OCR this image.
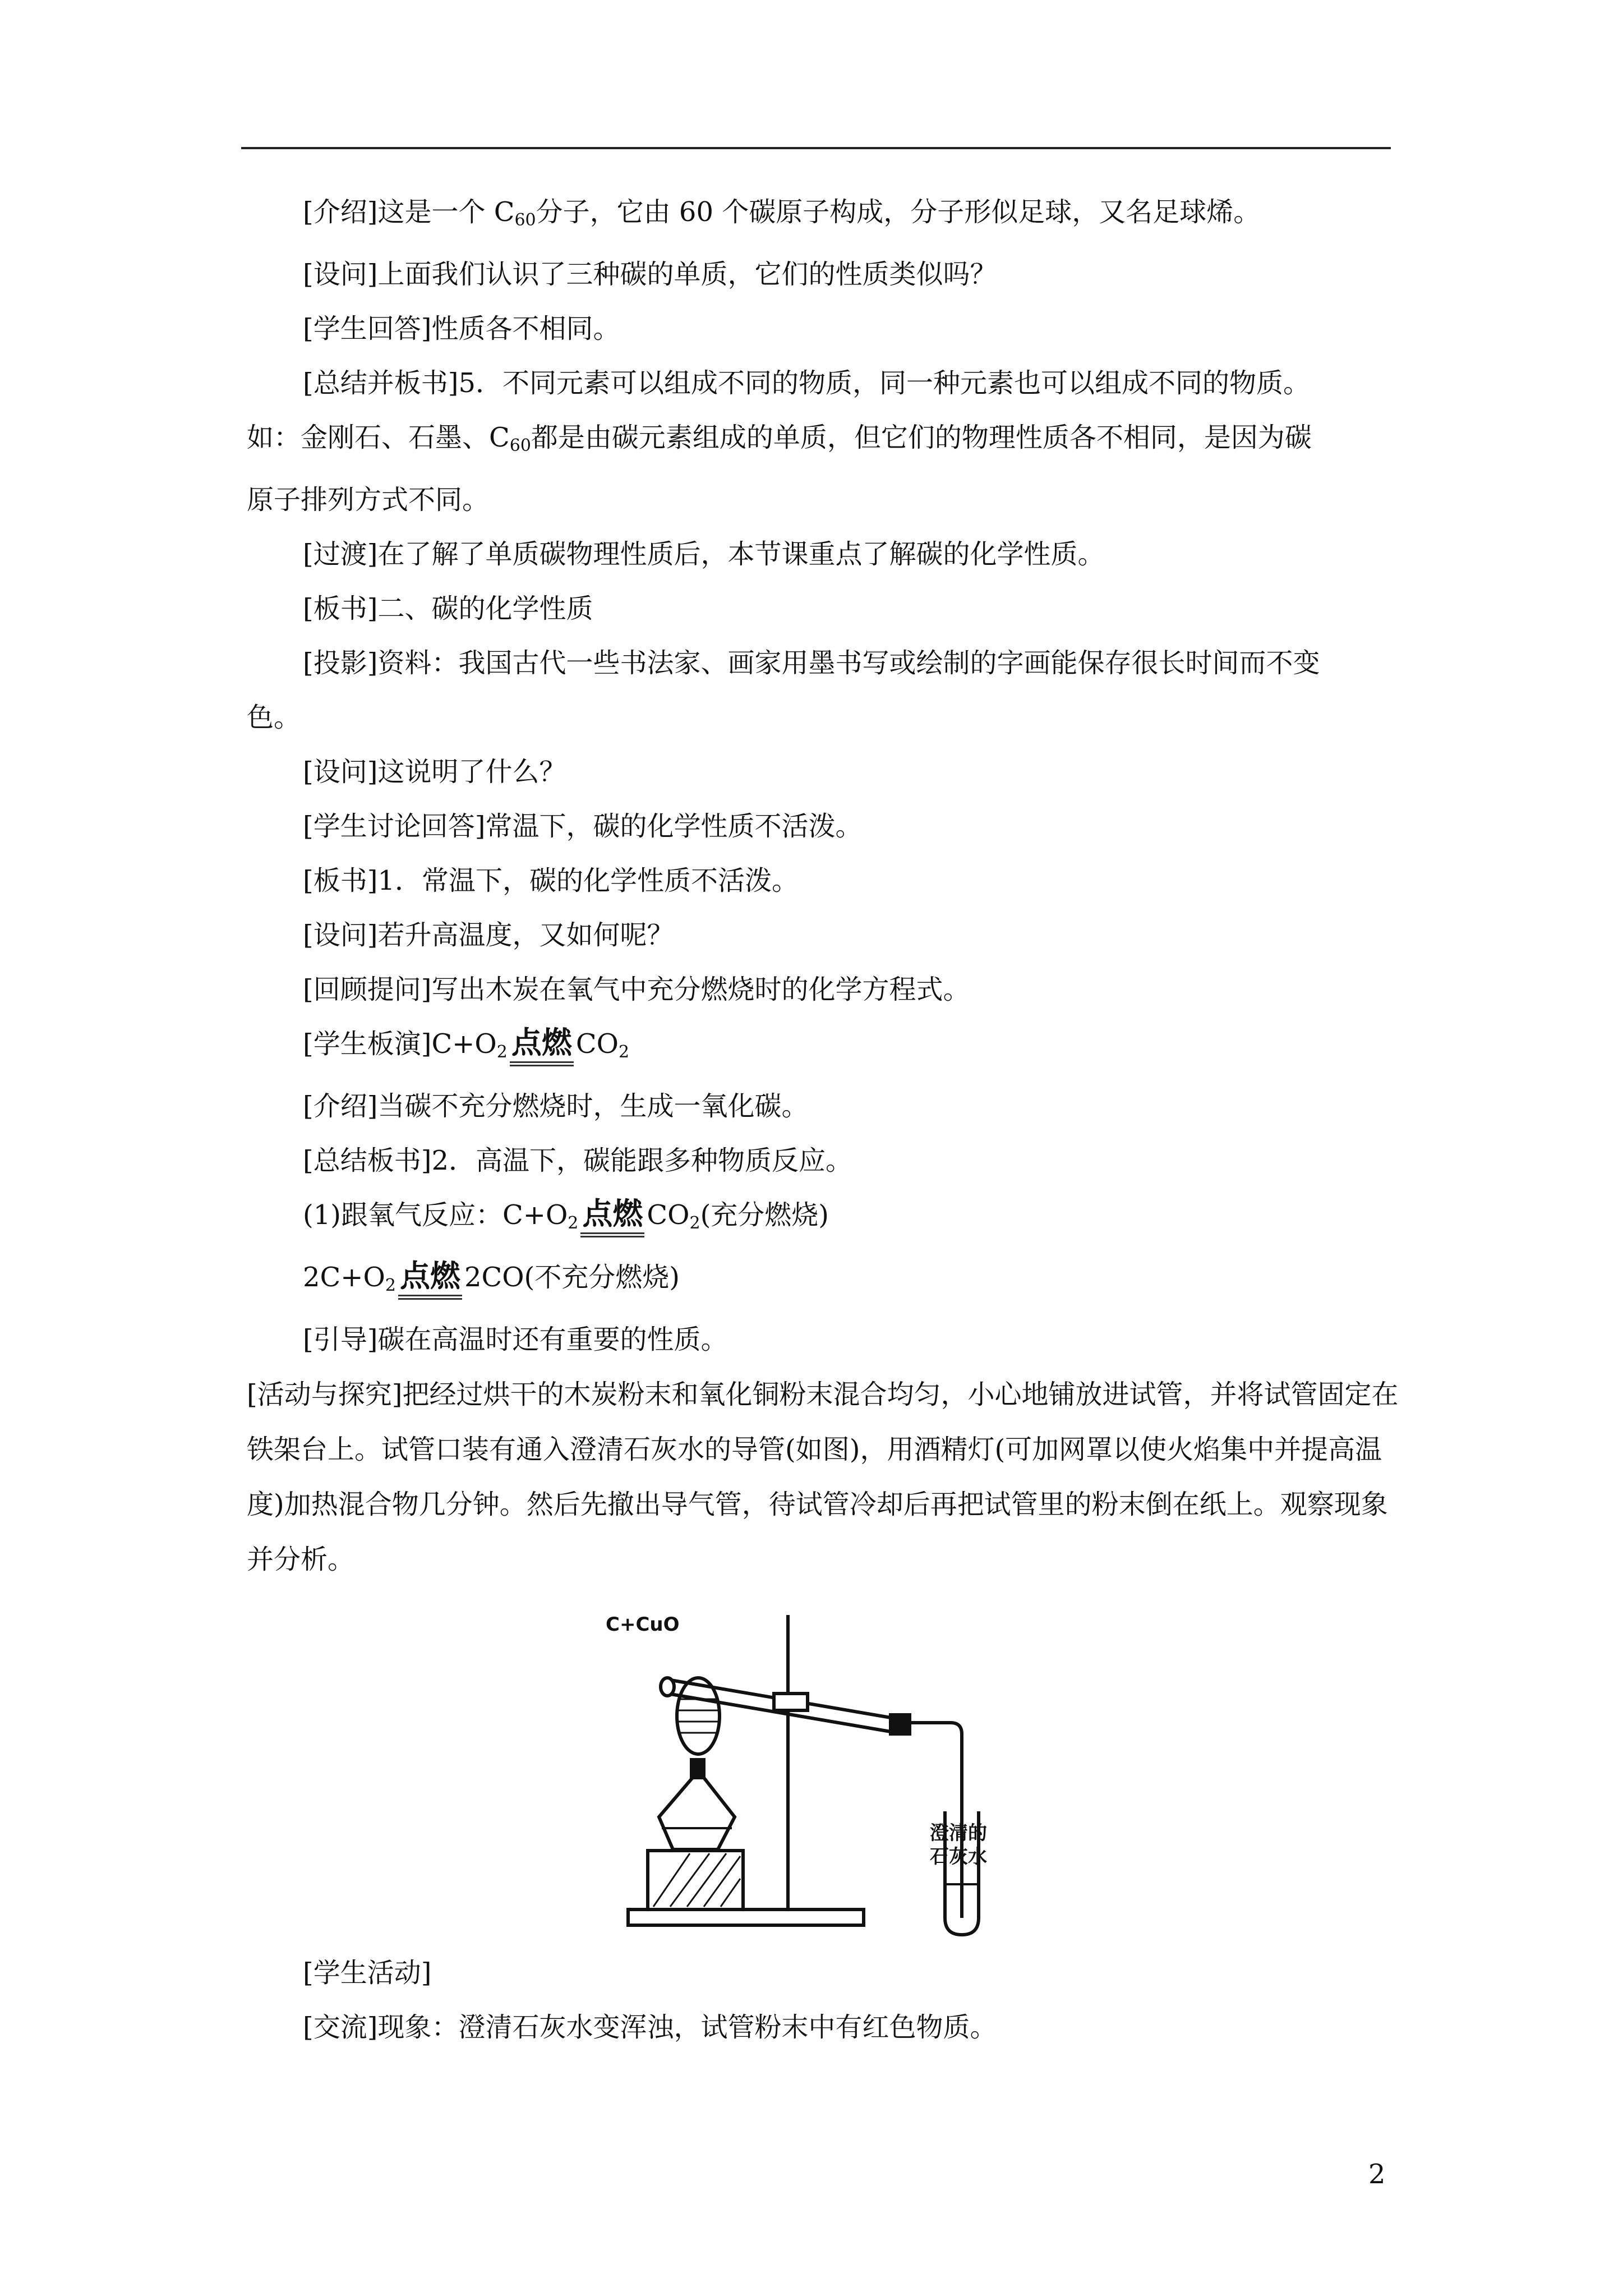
[介绍]这是一个 $C_{60}$分子，它由 60 个碳原子构成，分子形似足球，又名足球烯。

[设问]上面我们认识了三种碳的单质，它们的性质类似吗？

[学生回答]性质各不相同。

[总结并板书]5．不同元素可以组成不同的物质，同一种元素也可以组成不同的物质。

如：金刚石、石墨、$C_{60}$都是由碳元素组成的单质，但它们的物理性质各不相同，是因为碳

原子排列方式不同。

[过渡]在了解了单质碳物理性质后，本节课重点了解碳的化学性质。

[板书]二、碳的化学性质

[投影]资料：我国古代一些书法家、画家用墨书写或绘制的字画能保存很长时间而不变

色。

[设问]这说明了什么？

[学生讨论回答]常温下，碳的化学性质不活泼。

[板书]1．常温下，碳的化学性质不活泼。

[设问]若升高温度，又如何呢？

[回顾提问]写出木炭在氧气中充分燃烧时的化学方程式。

[学生板演]$C+O_2$ 点燃 $CO_2$

[介绍]当碳不充分燃烧时，生成一氧化碳。

[总结板书]2．高温下，碳能跟多种物质反应。

(1)跟氧气反应：$C+O_2$ 点燃 $CO_2$(充分燃烧)

$2C+O_2$ 点燃 2CO(不充分燃烧)

[引导]碳在高温时还有重要的性质。

[活动与探究]把经过烘干的木炭粉末和氧化铜粉末混合均匀，小心地铺放进试管，并将试管固定在铁架台上。试管口装有通入澄清石灰水的导管(如图)，用酒精灯(可加网罩以使火焰集中并提高温度)加热混合物几分钟。然后先撤出导气管，待试管冷却后再把试管里的粉末倒在纸上。观察现象并分析。

C+CuO
澄清的
石灰水

[学生活动]

[交流]现象：澄清石灰水变浑浊，试管粉末中有红色物质。

2
